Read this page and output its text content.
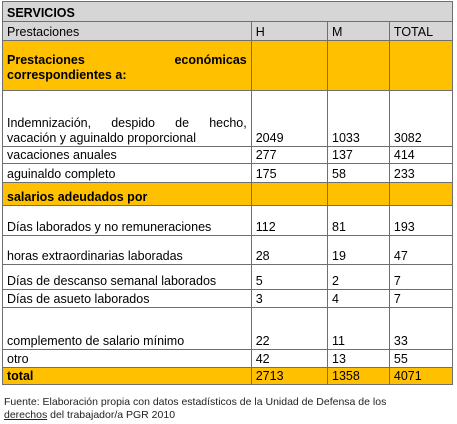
SERVICIOS			
Prestaciones	H	M	TOTAL

Prestaciones económicas
correspondientes a:			

Indemnización, despido de hecho,
vacación y aguinaldo proporcional	2049	1033	3082
vacaciones anuales	277	137	414
aguinaldo completo	175	58	233
salarios adeudados por			
Días laborados y no remuneraciones	112	81	193
horas extraordinarias laboradas	28	19	47
Días de descanso semanal laborados	5	2	7
Días de asueto laborados	3	4	7
complemento de salario mínimo	22	11	33
otro	42	13	55
total	2713	1358	4071
Fuente: Elaboración propia con datos estadísticos de la Unidad de Defensa de los
derechos del trabajador/a PGR 2010
